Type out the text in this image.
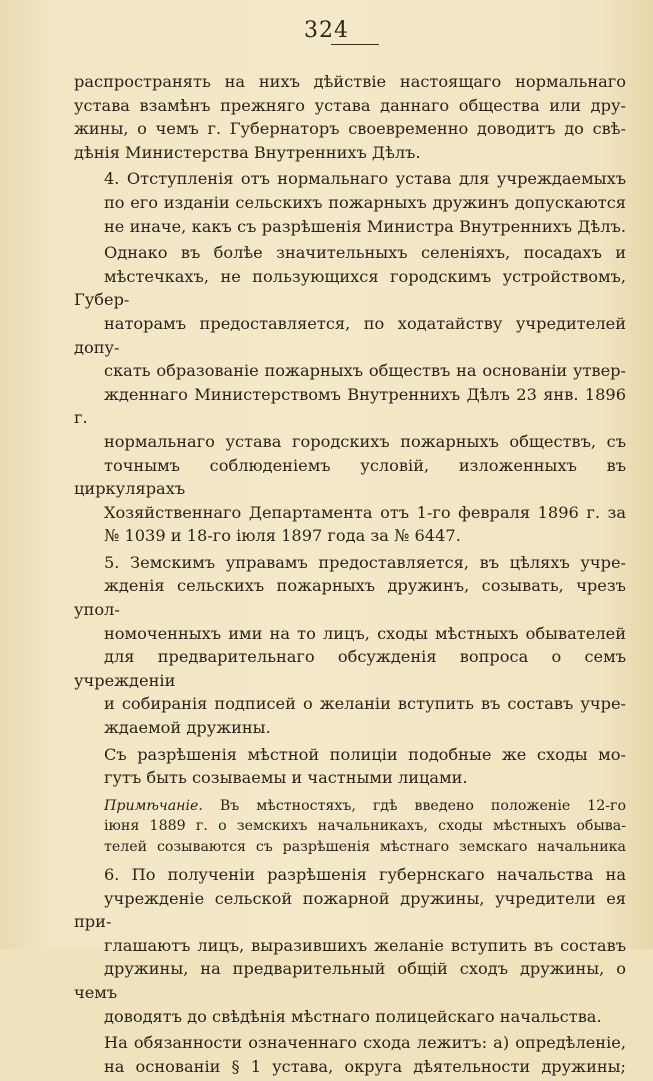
324

распространять на нихъ дѣйствіе настоящаго нормальнаго
устава взамѣнъ прежняго устава даннаго общества или дру-
жины, о чемъ г. Губернаторъ своевременно доводитъ до свѣ-
дѣнія Министерства Внутреннихъ Дѣлъ.

4. Отступленія отъ нормальнаго устава для учреждаемыхъ
по его изданіи сельскихъ пожарныхъ дружинъ допускаются
не иначе, какъ съ разрѣшенія Министра Внутреннихъ Дѣлъ.

Однако въ болѣе значительныхъ селеніяхъ, посадахъ и
мѣстечкахъ, не пользующихся городскимъ устройствомъ, Губер-
наторамъ предоставляется, по ходатайству учредителей допу-
скать образованіе пожарныхъ обществъ на основаніи утвер-
жденнаго Министерствомъ Внутреннихъ Дѣлъ 23 янв. 1896 г.
нормальнаго устава городскихъ пожарныхъ обществъ, съ
точнымъ соблюденіемъ условій, изложенныхъ въ циркулярахъ
Хозяйственнаго Департамента отъ 1-го февраля 1896 г. за
№ 1039 и 18-го іюля 1897 года за № 6447.

5. Земскимъ управамъ предоставляется, въ цѣляхъ учре-
жденія сельскихъ пожарныхъ дружинъ, созывать, чрезъ упол-
номоченныхъ ими на то лицъ, сходы мѣстныхъ обывателей
для предварительнаго обсужденія вопроса о семъ учрежденіи
и собиранія подписей о желаніи вступить въ составъ учре-
ждаемой дружины.

Съ разрѣшенія мѣстной полиціи подобные же сходы мо-
гутъ быть созываемы и частными лицами.

Примѣчаніе. Въ мѣстностяхъ, гдѣ введено положеніе 12-го
іюня 1889 г. о земскихъ начальникахъ, сходы мѣстныхъ обыва-
телей созываются съ разрѣшенія мѣстнаго земскаго начальника

6. По полученіи разрѣшенія губернскаго начальства на
учрежденіе сельской пожарной дружины, учредители ея при-
глашаютъ лицъ, выразившихъ желаніе вступить въ составъ
дружины, на предварительный общій сходъ дружины, о чемъ
доводятъ до свѣдѣнія мѣстнаго полицейскаго начальства.

На обязанности означеннаго схода лежитъ: а) опредѣленіе,
на основаніи § 1 устава, округа дѣятельности дружины;
